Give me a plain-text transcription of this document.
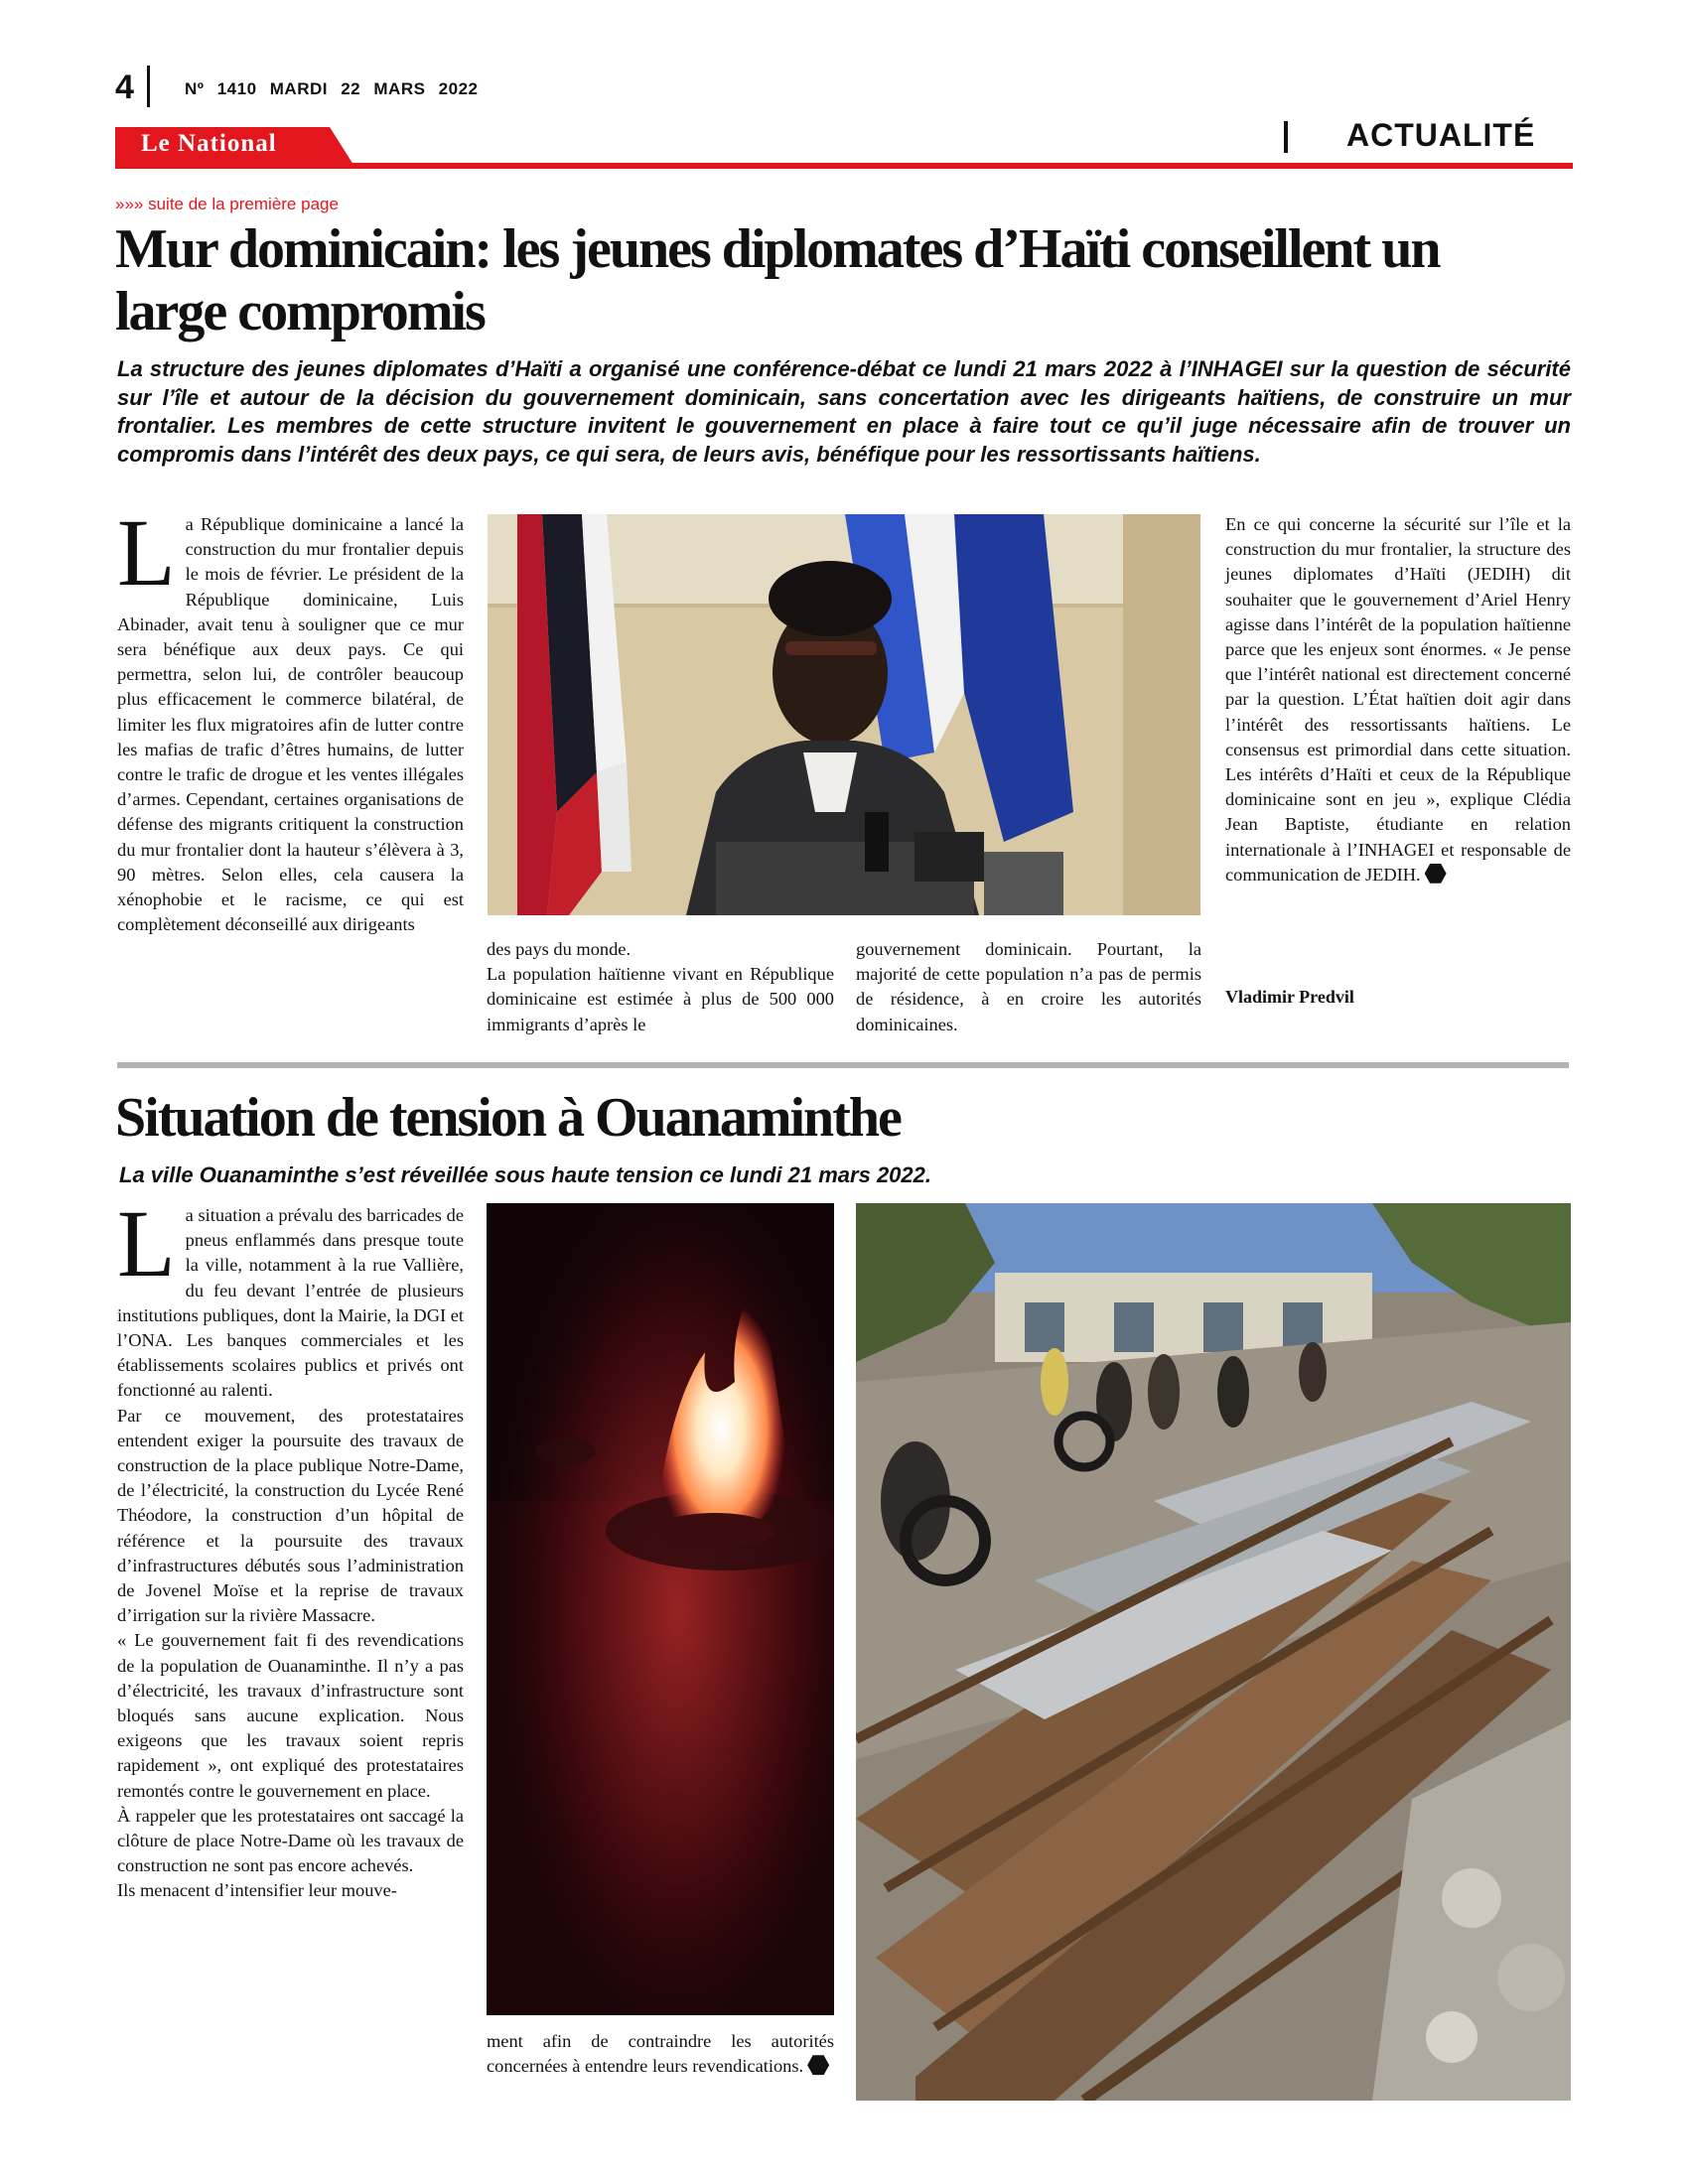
4	Nº 1410 MARDI 22 MARS 2022
Le National	ACTUALITÉ
»»» suite de la première page
Mur dominicain: les jeunes diplomates d’Haïti conseillent un
large compromis

La structure des jeunes diplomates d’Haïti a organisé une conférence-débat ce lundi 21 mars 2022 à l’INHAGEI sur la question de sécurité sur l’île et autour de la décision du gouvernement dominicain, sans concertation avec les dirigeants haïtiens, de construire un mur frontalier. Les membres de cette structure invitent le gouvernement en place à faire tout ce qu’il juge nécessaire afin de trouver un compromis dans l’intérêt des deux pays, ce qui sera, de leurs avis, bénéfique pour les ressortissants haïtiens.

L a République dominicaine a lancé la construction du mur frontalier depuis le mois de février. Le président de la République dominicaine, Luis Abinader, avait tenu à souligner que ce mur sera bénéfique aux deux pays. Ce qui permettra, selon lui, de contrôler beaucoup plus efficacement le commerce bilatéral, de limiter les flux migratoires afin de lutter contre les mafias de trafic d’êtres humains, de lutter contre le trafic de drogue et les ventes illégales d’armes. Cependant, certaines organisations de défense des migrants critiquent la construction du mur frontalier dont la hauteur s’élèvera à 3, 90 mètres. Selon elles, cela causera la xénophobie et le racisme, ce qui est complètement déconseillé aux dirigeants
des pays du monde.
La population haïtienne vivant en République dominicaine est estimée à plus de 500 000 immigrants d’après le
gouvernement dominicain. Pourtant, la majorité de cette population n’a pas de permis de résidence, à en croire les autorités dominicaines.
En ce qui concerne la sécurité sur l’île et la construction du mur frontalier, la structure des jeunes diplomates d’Haïti (JEDIH) dit souhaiter que le gouvernement d’Ariel Henry agisse dans l’intérêt de la population haïtienne parce que les enjeux sont énormes. « Je pense que l’intérêt national est directement concerné par la question. L’État haïtien doit agir dans l’intérêt des ressortissants haïtiens. Le consensus est primordial dans cette situation. Les intérêts d’Haïti et ceux de la République dominicaine sont en jeu », explique Clédia Jean Baptiste, étudiante en relation internationale à l’INHAGEI et responsable de communication de JEDIH.
Vladimir Predvil
Situation de tension à Ouanaminthe

La ville Ouanaminthe s’est réveillée sous haute tension ce lundi 21 mars 2022.

L a situation a prévalu des barricades de pneus enflammés dans presque toute la ville, notamment à la rue Vallière, du feu devant l’entrée de plusieurs institutions publiques, dont la Mairie, la DGI et l’ONA. Les banques commerciales et les établissements scolaires publics et privés ont fonctionné au ralenti.
Par ce mouvement, des protestataires entendent exiger la poursuite des travaux de construction de la place publique Notre-Dame, de l’électricité, la construction du Lycée René Théodore, la construction d’un hôpital de référence et la poursuite des travaux d’infrastructures débutés sous l’administration de Jovenel Moïse et la reprise de travaux d’irrigation sur la rivière Massacre.
« Le gouvernement fait fi des revendications de la population de Ouanaminthe. Il n’y a pas d’électricité, les travaux d’infrastructure sont bloqués sans aucune explication. Nous exigeons que les travaux soient repris rapidement », ont expliqué des protestataires remontés contre le gouvernement en place.
À rappeler que les protestataires ont saccagé la clôture de place Notre-Dame où les travaux de construction ne sont pas encore achevés.
Ils menacent d’intensifier leur mouve-
ment afin de contraindre les autorités concernées à entendre leurs revendications.
